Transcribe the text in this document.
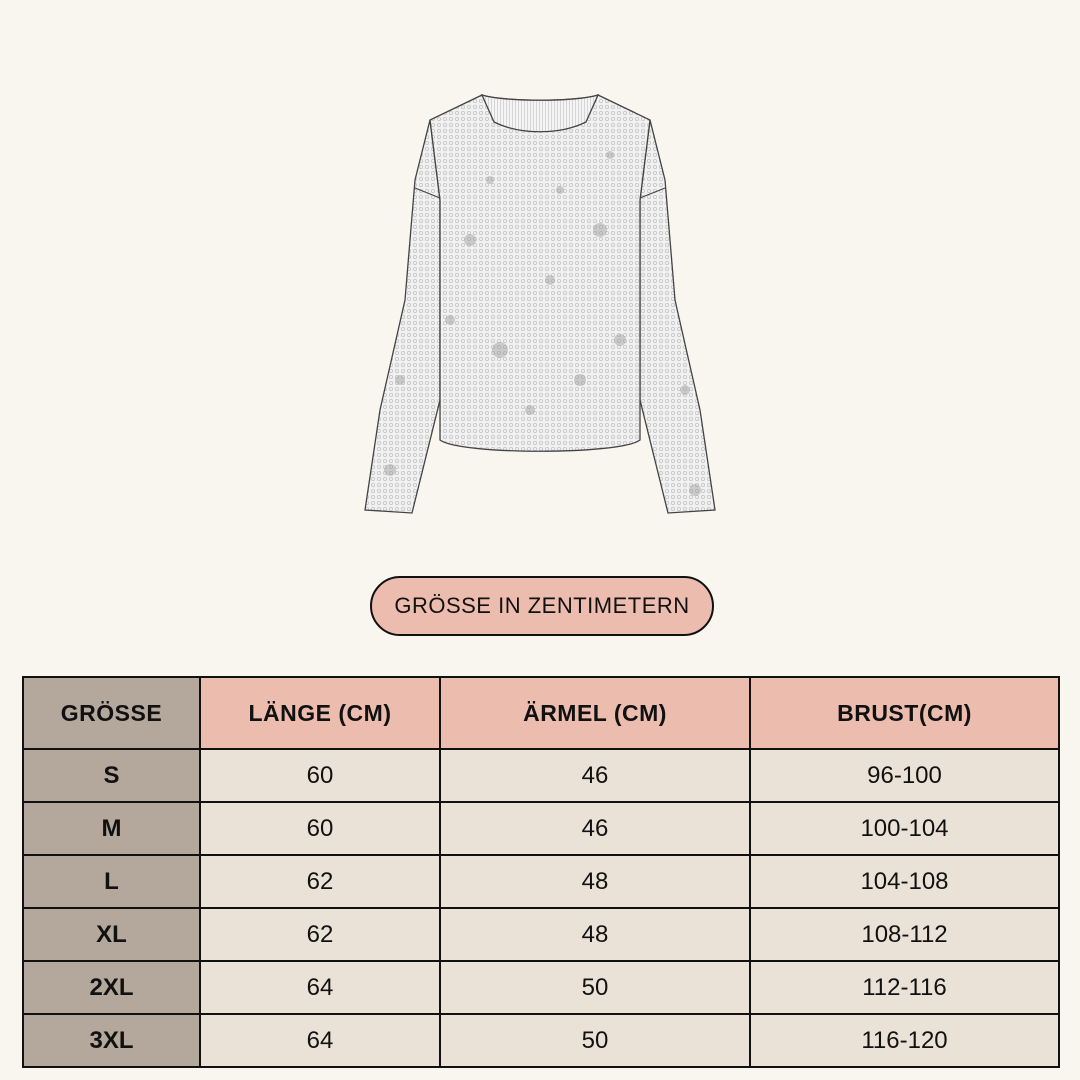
GRÖSSE IN ZENTIMETERN
GRÖSSE	LÄNGE (CM)	ÄRMEL (CM)	BRUST(CM)
S	60	46	96-100
M	60	46	100-104
L	62	48	104-108
XL	62	48	108-112
2XL	64	50	112-116
3XL	64	50	116-120
